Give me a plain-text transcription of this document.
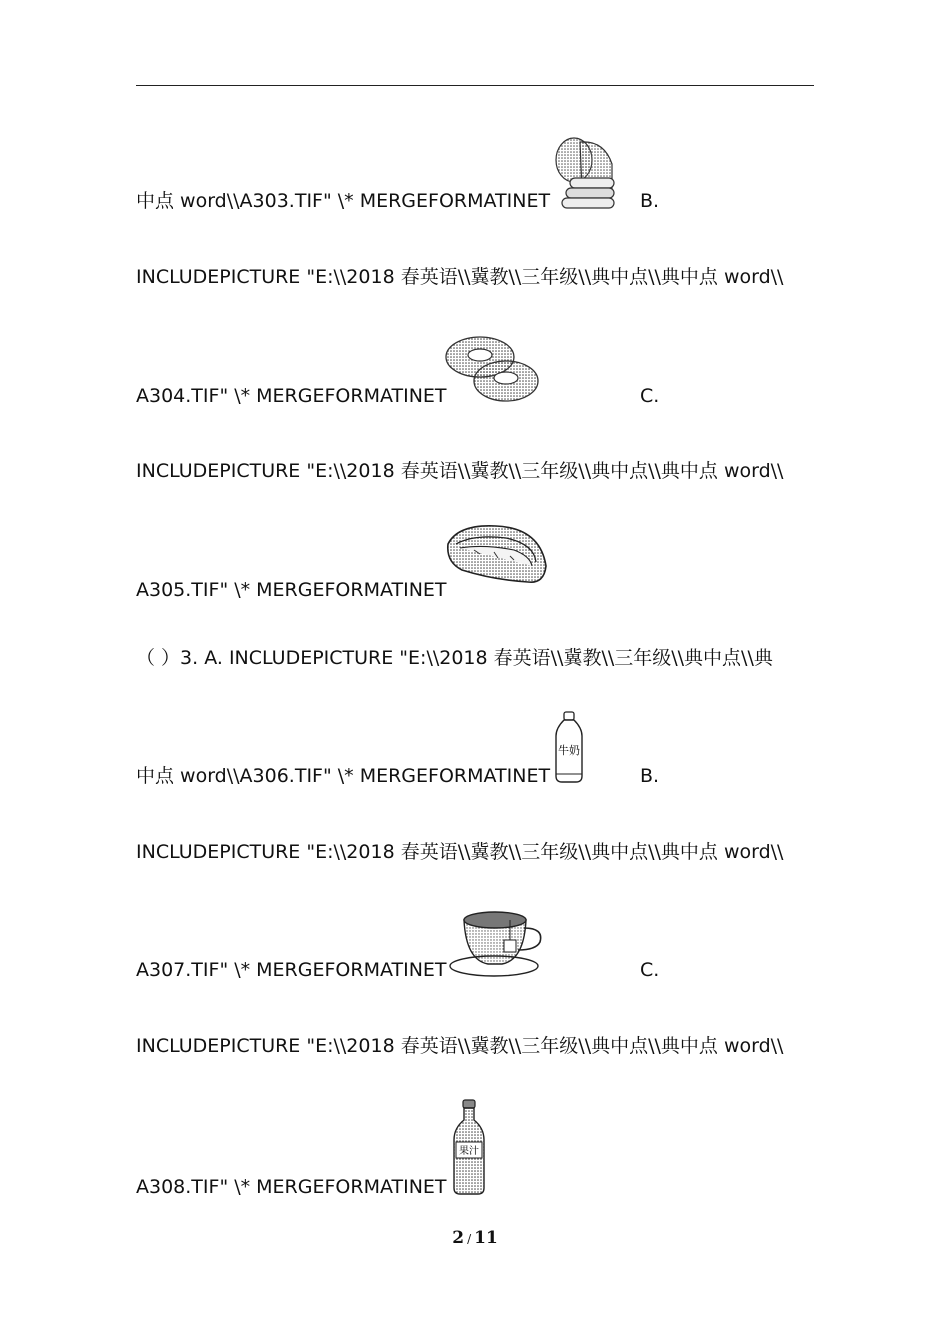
中点 word\\A303.TIF" \* MERGEFORMATINET	B.
INCLUDEPICTURE "E:\\2018 春英语\\冀教\\三年级\\典中点\\典中点 word\\
A304.TIF" \* MERGEFORMATINET	C.
INCLUDEPICTURE "E:\\2018 春英语\\冀教\\三年级\\典中点\\典中点 word\\
A305.TIF" \* MERGEFORMATINET
（ ）3. A. INCLUDEPICTURE "E:\\2018 春英语\\冀教\\三年级\\典中点\\典
中点 word\\A306.TIF" \* MERGEFORMATINET	B.
牛奶
INCLUDEPICTURE "E:\\2018 春英语\\冀教\\三年级\\典中点\\典中点 word\\
A307.TIF" \* MERGEFORMATINET	C.
INCLUDEPICTURE "E:\\2018 春英语\\冀教\\三年级\\典中点\\典中点 word\\
A308.TIF" \* MERGEFORMATINET
果汁
2 / 11
